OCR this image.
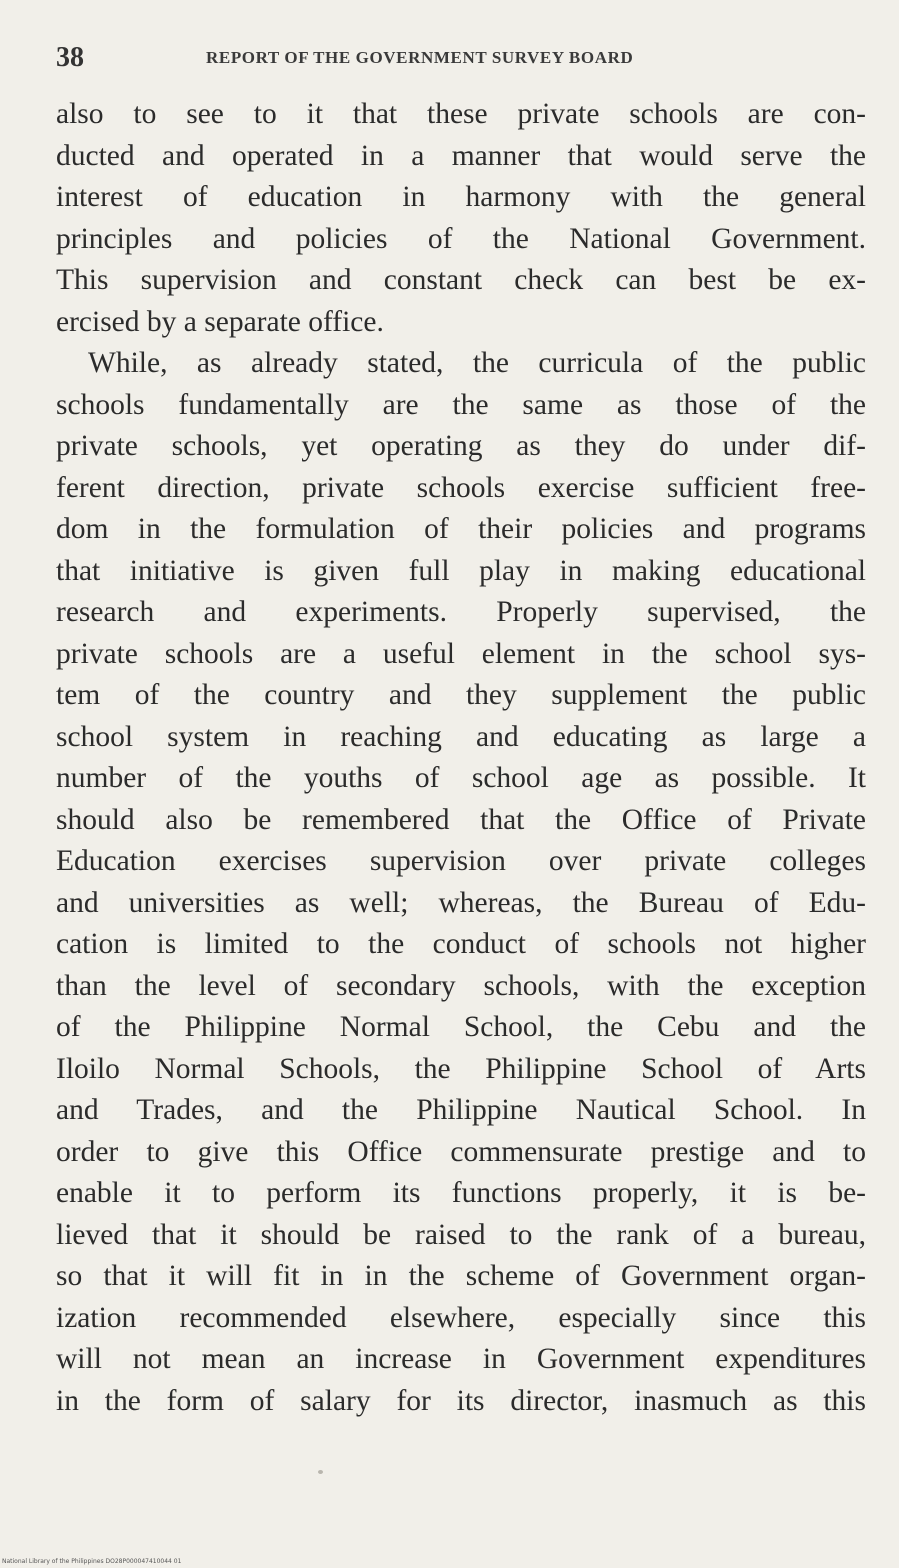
38	REPORT OF THE GOVERNMENT SURVEY BOARD
also to see to it that these private schools are con-
ducted and operated in a manner that would serve the
interest of education in harmony with the general
principles and policies of the National Government.
This supervision and constant check can best be ex-
ercised by a separate office.
While, as already stated, the curricula of the public
schools fundamentally are the same as those of the
private schools, yet operating as they do under dif-
ferent direction, private schools exercise sufficient free-
dom in the formulation of their policies and programs
that initiative is given full play in making educational
research and experiments. Properly supervised, the
private schools are a useful element in the school sys-
tem of the country and they supplement the public
school system in reaching and educating as large a
number of the youths of school age as possible. It
should also be remembered that the Office of Private
Education exercises supervision over private colleges
and universities as well; whereas, the Bureau of Edu-
cation is limited to the conduct of schools not higher
than the level of secondary schools, with the exception
of the Philippine Normal School, the Cebu and the
Iloilo Normal Schools, the Philippine School of Arts
and Trades, and the Philippine Nautical School. In
order to give this Office commensurate prestige and to
enable it to perform its functions properly, it is be-
lieved that it should be raised to the rank of a bureau,
so that it will fit in in the scheme of Government organ-
ization recommended elsewhere, especially since this
will not mean an increase in Government expenditures
in the form of salary for its director, inasmuch as this
National Library of the Philippines DO28P000047410044 01
